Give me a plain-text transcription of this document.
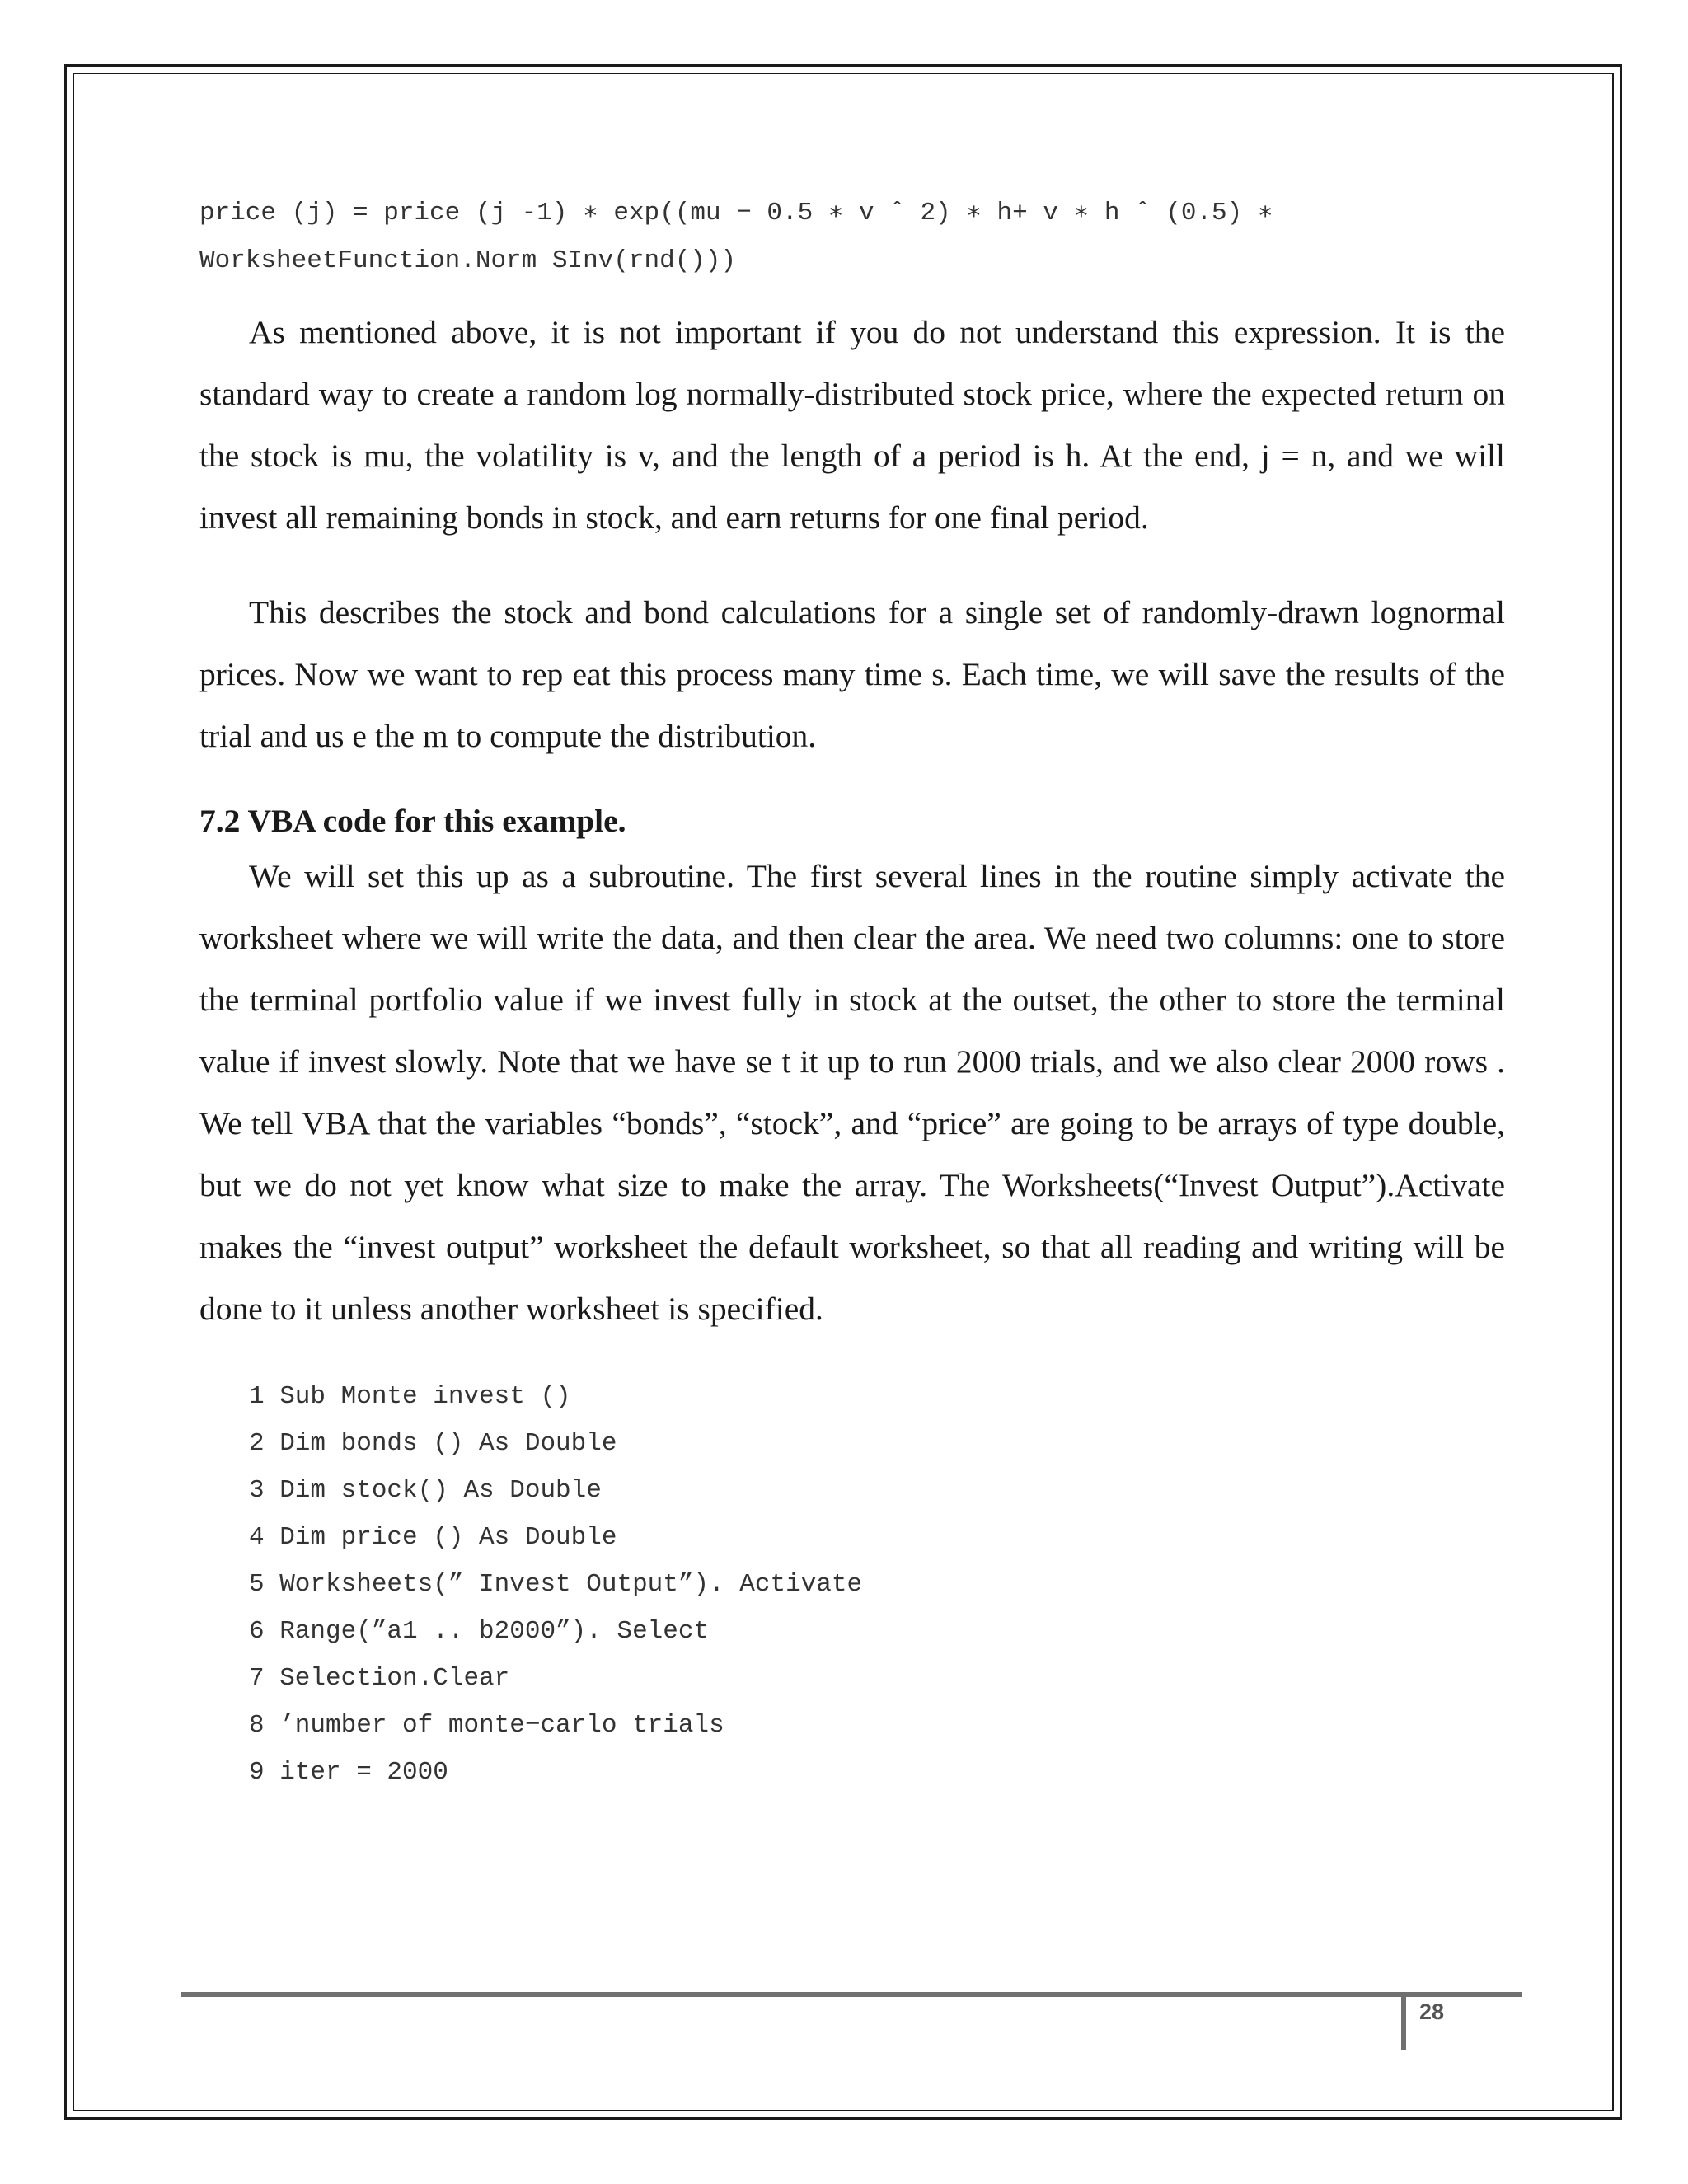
price (j) = price (j -1) ∗ exp((mu − 0.5 ∗ v ˆ 2) ∗ h+ v ∗ h ˆ (0.5) ∗
WorksheetFunction.Norm SInv(rnd()))

As mentioned above, it is not important if you do not understand this expression. It is the standard way to create a random log normally-distributed stock price, where the expected return on the stock is mu, the volatility is v, and the length of a period is h. At the end, j = n, and we will invest all remaining bonds in stock, and earn returns for one final period.

This describes the stock and bond calculations for a single set of randomly-drawn lognormal prices. Now we want to rep eat this process many time s. Each time, we will save the results of the trial and us e the m to compute the distribution.

7.2 VBA code for this example.

We will set this up as a subroutine. The first several lines in the routine simply activate the worksheet where we will write the data, and then clear the area. We need two columns: one to store the terminal portfolio value if we invest fully in stock at the outset, the other to store the terminal value if invest slowly. Note that we have se t it up to run 2000 trials, and we also clear 2000 rows . We tell VBA that the variables “bonds”, “stock”, and “price” are going to be arrays of type double, but we do not yet know what size to make the array. The Worksheets(“Invest Output”).Activate makes the “invest output” worksheet the default worksheet, so that all reading and writing will be done to it unless another worksheet is specified.

1 Sub Monte invest ()
2 Dim bonds () As Double
3 Dim stock() As Double
4 Dim price () As Double
5 Worksheets(” Invest Output”). Activate
6 Range(”a1 .. b2000”). Select
7 Selection.Clear
8 ’number of monte−carlo trials
9 iter = 2000
28
